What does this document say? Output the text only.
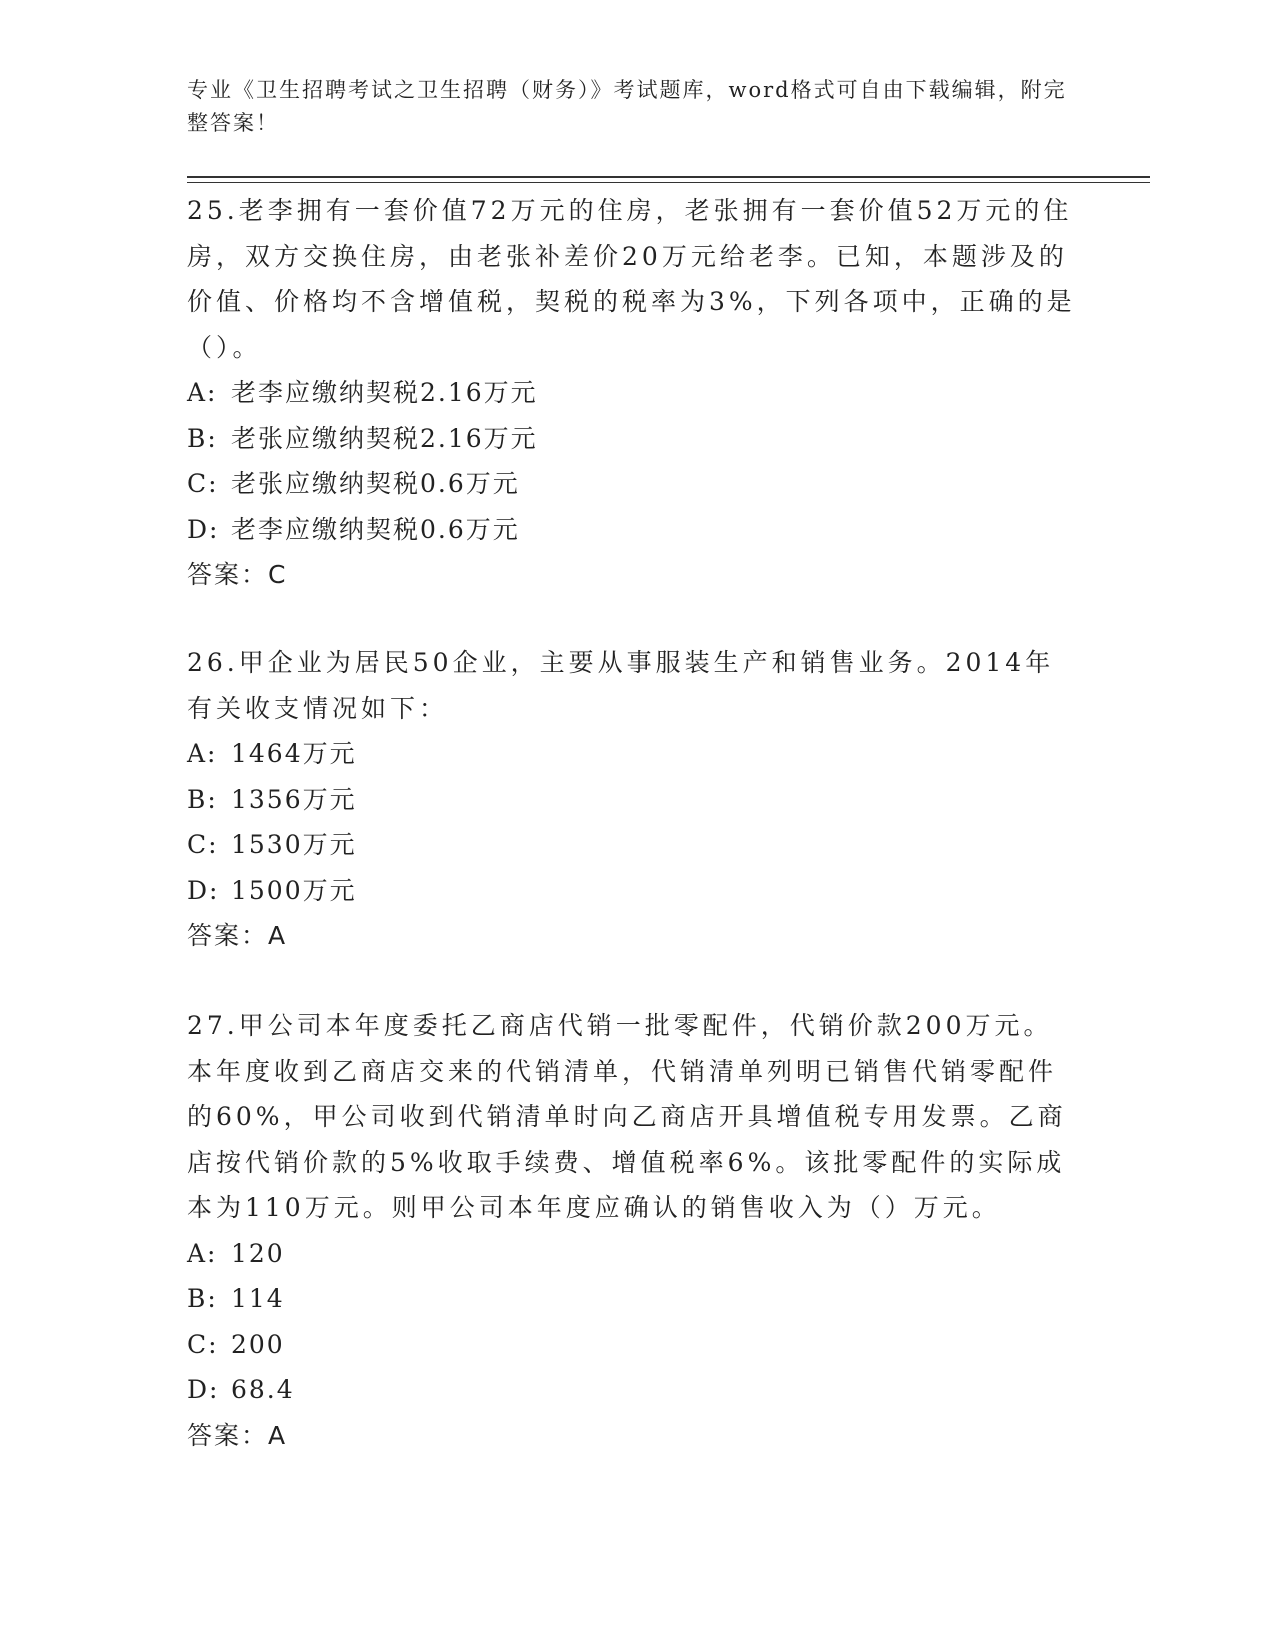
专业《卫生招聘考试之卫生招聘（财务）》考试题库，word格式可自由下载编辑，附完整答案！

25.老李拥有一套价值72万元的住房，老张拥有一套价值52万元的住房，双方交换住房，由老张补差价20万元给老李。已知，本题涉及的价值、价格均不含增值税，契税的税率为3%，下列各项中，正确的是（）。

A: 老李应缴纳契税2.16万元

B: 老张应缴纳契税2.16万元

C: 老张应缴纳契税0.6万元

D: 老李应缴纳契税0.6万元

答案：C

26.甲企业为居民50企业，主要从事服装生产和销售业务。2014年有关收支情况如下：

A: 1464万元

B: 1356万元

C: 1530万元

D: 1500万元

答案：A

27.甲公司本年度委托乙商店代销一批零配件，代销价款200万元。本年度收到乙商店交来的代销清单，代销清单列明已销售代销零配件的60%，甲公司收到代销清单时向乙商店开具增值税专用发票。乙商店按代销价款的5%收取手续费、增值税率6%。该批零配件的实际成本为110万元。则甲公司本年度应确认的销售收入为（）万元。

A: 120

B: 114

C: 200

D: 68.4

答案：A
